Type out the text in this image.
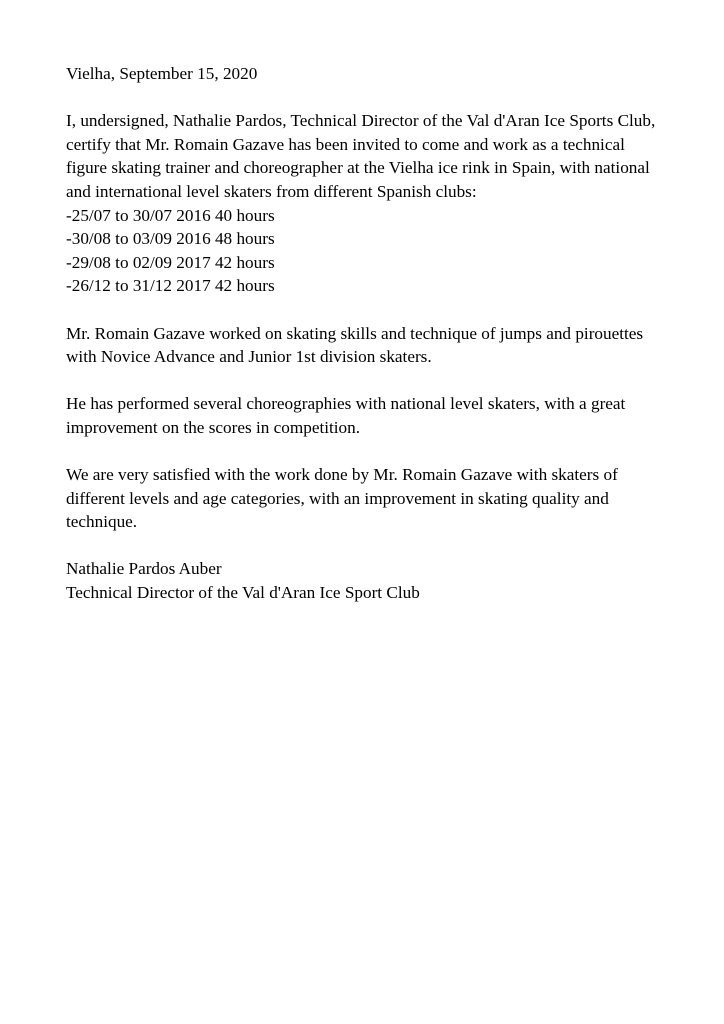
Vielha, September 15, 2020

I, undersigned, Nathalie Pardos, Technical Director of the Val d'Aran Ice Sports Club, certify that Mr. Romain Gazave has been invited to come and work as a technical figure skating trainer and choreographer at the Vielha ice rink in Spain, with national and international level skaters from different Spanish clubs:

-25/07 to 30/07 2016 40 hours

-30/08 to 03/09 2016 48 hours

-29/08 to 02/09 2017 42 hours

-26/12 to 31/12 2017 42 hours

Mr. Romain Gazave worked on skating skills and technique of jumps and pirouettes with Novice Advance and Junior 1st division skaters.

He has performed several choreographies with national level skaters, with a great improvement on the scores in competition.

We are very satisfied with the work done by Mr. Romain Gazave with skaters of different levels and age categories, with an improvement in skating quality and technique.

Nathalie Pardos Auber

Technical Director of the Val d'Aran Ice Sport Club
